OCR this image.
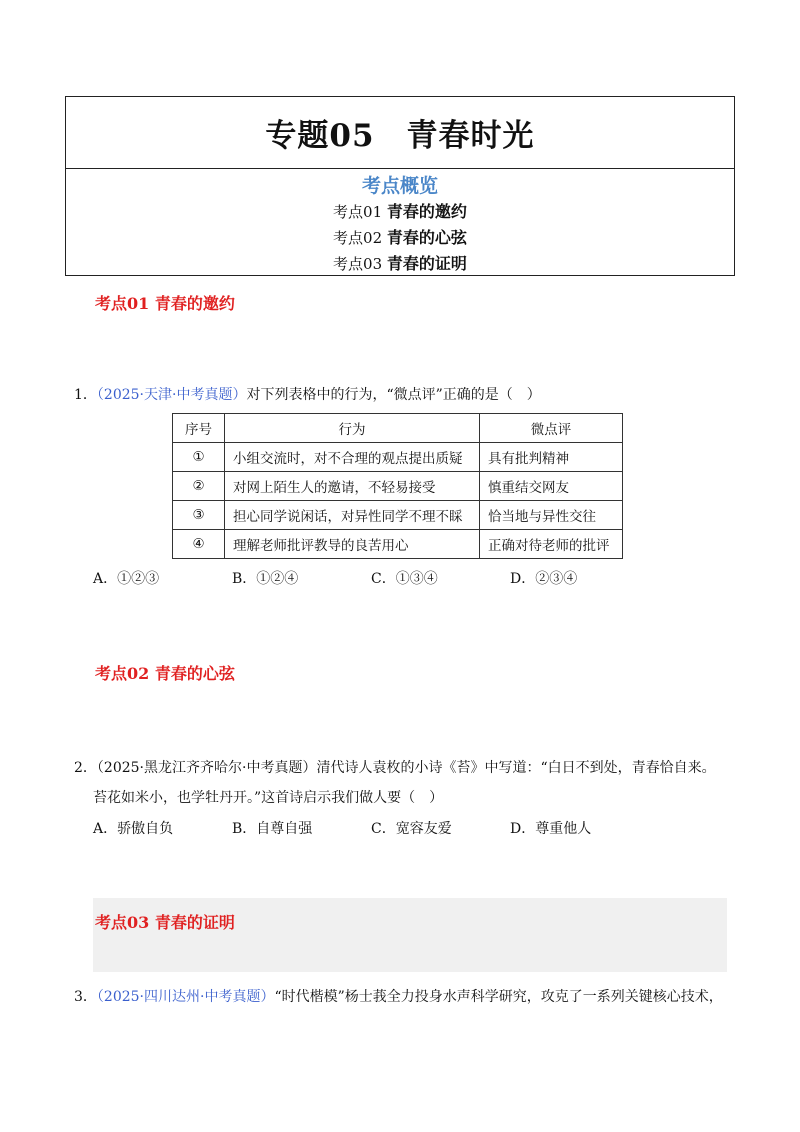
专题05　青春时光
考点概览
考点01 青春的邀约
考点02 青春的心弦
考点03 青春的证明
考点01 青春的邀约
1．（2025·天津·中考真题）对下列表格中的行为，“微点评”正确的是（　）
序号	行为	微点评
①	小组交流时，对不合理的观点提出质疑	具有批判精神
②	对网上陌生人的邀请，不轻易接受	慎重结交网友
③	担心同学说闲话，对异性同学不理不睬	恰当地与异性交往
④	理解老师批评教导的良苦用心	正确对待老师的批评
A．①②③	B．①②④	C．①③④	D．②③④
考点02 青春的心弦
2．（2025·黑龙江齐齐哈尔·中考真题）清代诗人袁枚的小诗《苔》中写道：“白日不到处，青春恰自来。
苔花如米小，也学牡丹开。”这首诗启示我们做人要（　）
A．骄傲自负	B．自尊自强	C．宽容友爱	D．尊重他人
考点03 青春的证明
3．（2025·四川达州·中考真题）“时代楷模”杨士莪全力投身水声科学研究，攻克了一系列关键核心技术，
